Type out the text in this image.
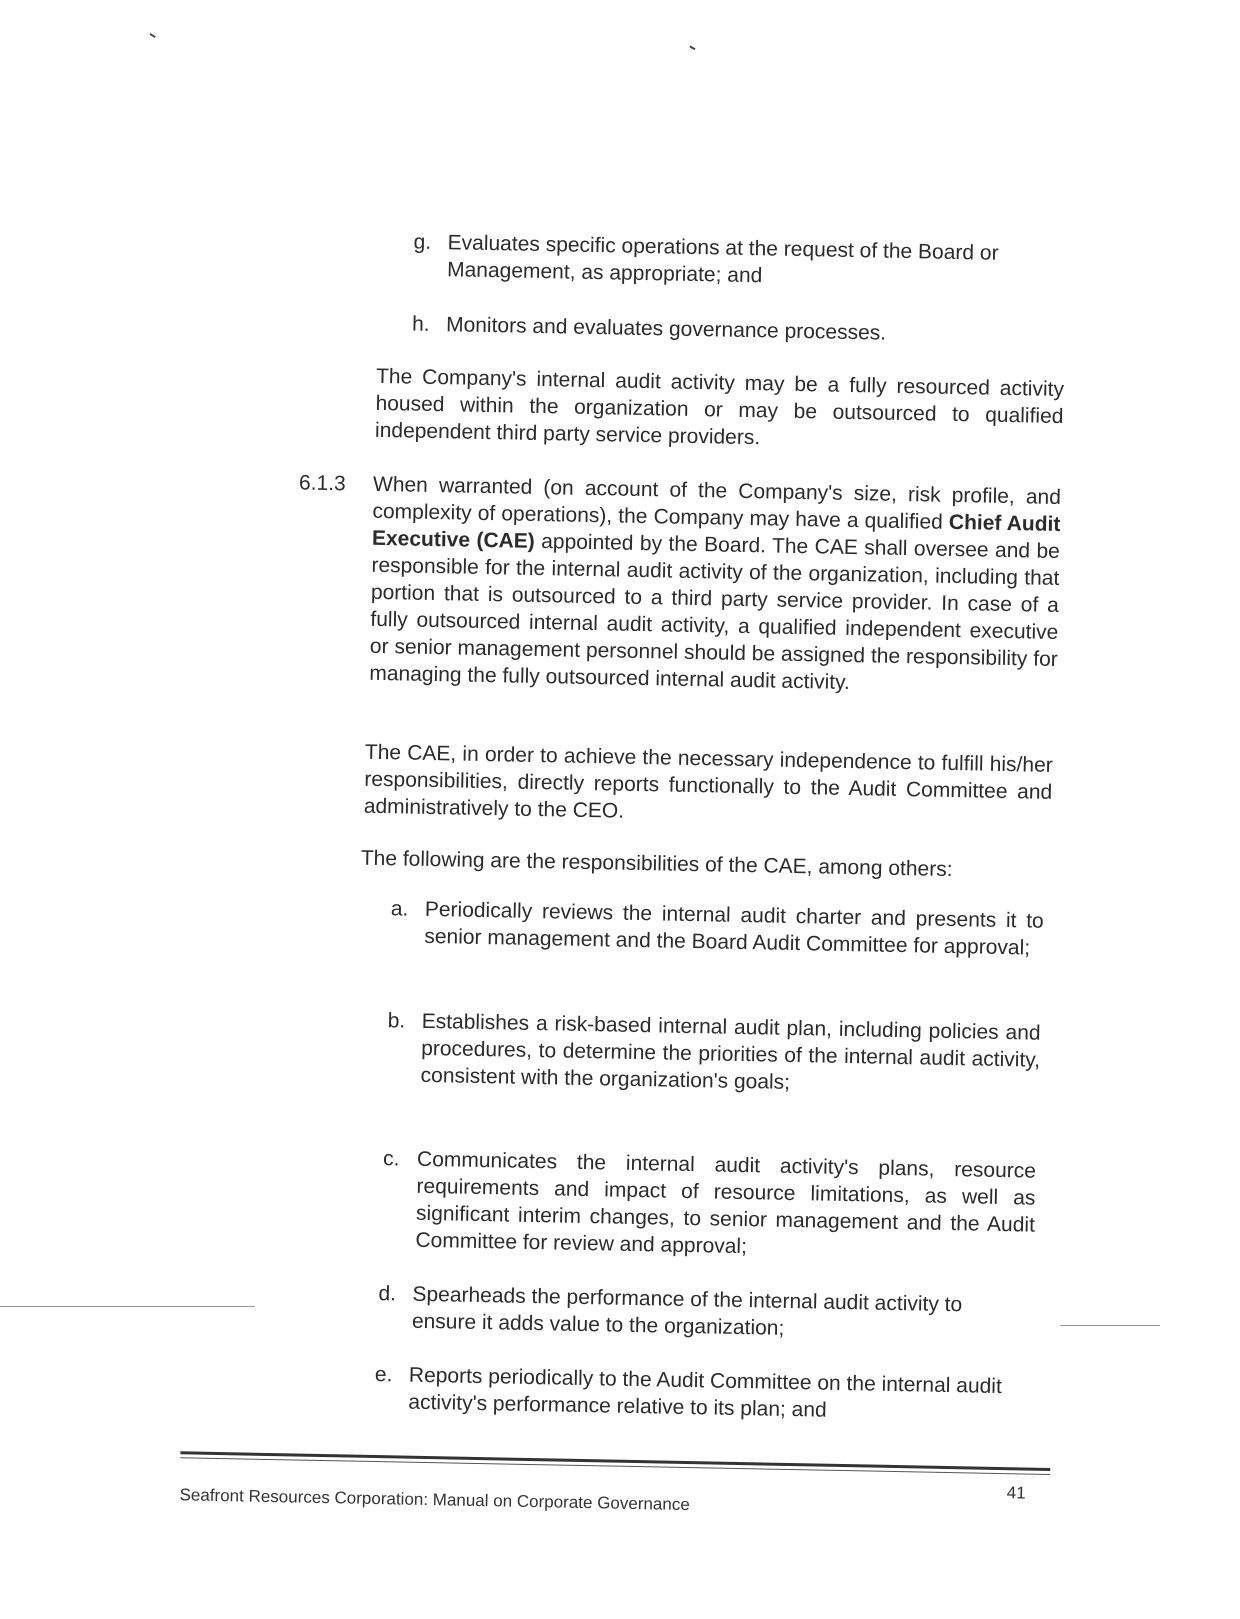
g. Evaluates specific operations at the request of the Board or Management, as appropriate; and
h. Monitors and evaluates governance processes.

The Company's internal audit activity may be a fully resourced activity housed within the organization or may be outsourced to qualified independent third party service providers.

6.1.3 When warranted (on account of the Company's size, risk profile, and complexity of operations), the Company may have a qualified Chief Audit Executive (CAE) appointed by the Board. The CAE shall oversee and be responsible for the internal audit activity of the organization, including that portion that is outsourced to a third party service provider. In case of a fully outsourced internal audit activity, a qualified independent executive or senior management personnel should be assigned the responsibility for managing the fully outsourced internal audit activity.

The CAE, in order to achieve the necessary independence to fulfill his/her responsibilities, directly reports functionally to the Audit Committee and administratively to the CEO.

The following are the responsibilities of the CAE, among others:

a. Periodically reviews the internal audit charter and presents it to senior management and the Board Audit Committee for approval;
b. Establishes a risk-based internal audit plan, including policies and procedures, to determine the priorities of the internal audit activity, consistent with the organization's goals;
c. Communicates the internal audit activity's plans, resource requirements and impact of resource limitations, as well as significant interim changes, to senior management and the Audit Committee for review and approval;
d. Spearheads the performance of the internal audit activity to ensure it adds value to the organization;
e. Reports periodically to the Audit Committee on the internal audit activity's performance relative to its plan; and
Seafront Resources Corporation: Manual on Corporate Governance	41
